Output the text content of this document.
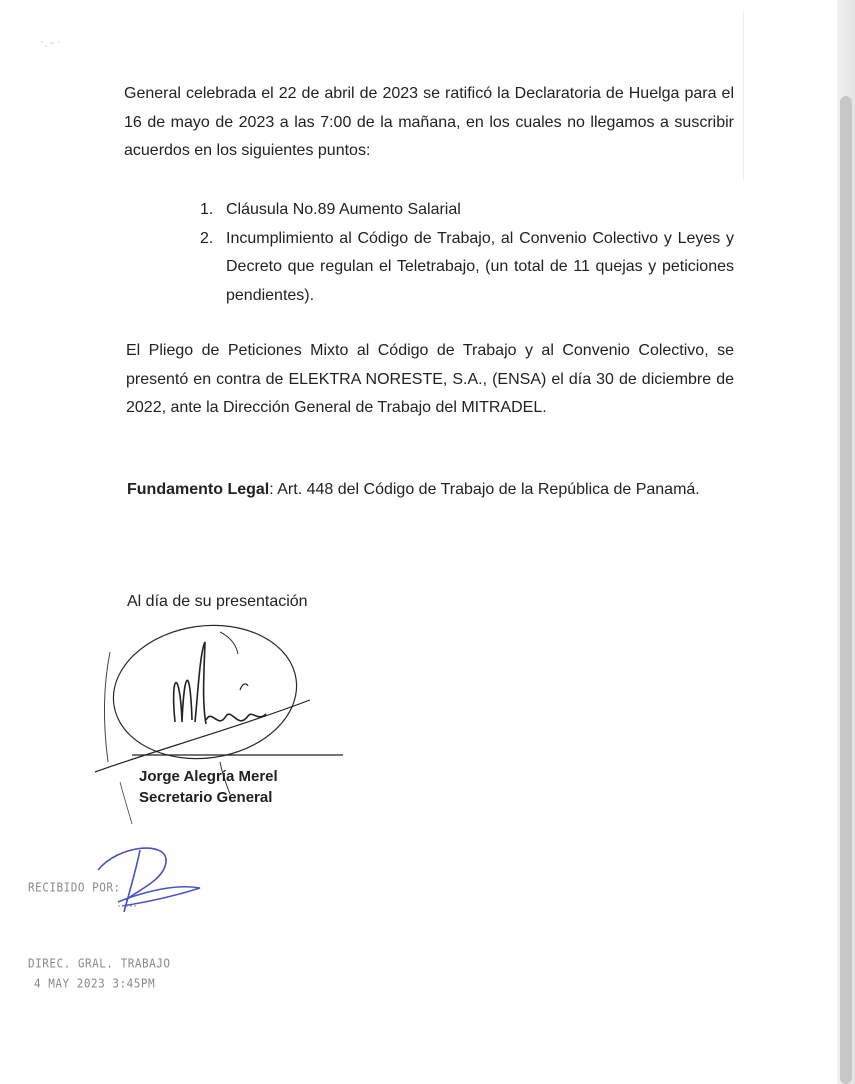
·ˏ ˗ ·

General celebrada el 22 de abril de 2023 se ratificó la Declaratoria de Huelga para el 16 de mayo de 2023 a las 7:00 de la mañana, en los cuales no llegamos a suscribir acuerdos en los siguientes puntos:

1. Cláusula No.89 Aumento Salarial
2. Incumplimiento al Código de Trabajo, al Convenio Colectivo y Leyes y Decreto que regulan el Teletrabajo, (un total de 11 quejas y peticiones pendientes).

El Pliego de Peticiones Mixto al Código de Trabajo y al Convenio Colectivo, se presentó en contra de ELEKTRA NORESTE, S.A., (ENSA) el día 30 de diciembre de 2022, ante la Dirección General de Trabajo del MITRADEL.

Fundamento Legal: Art. 448 del Código de Trabajo de la República de Panamá.

Al día de su presentación
Jorge Alegría Merel
Secretario General
RECIBIDO POR:
DIREC. GRAL. TRABAJO
4 MAY 2023 3:45PM
